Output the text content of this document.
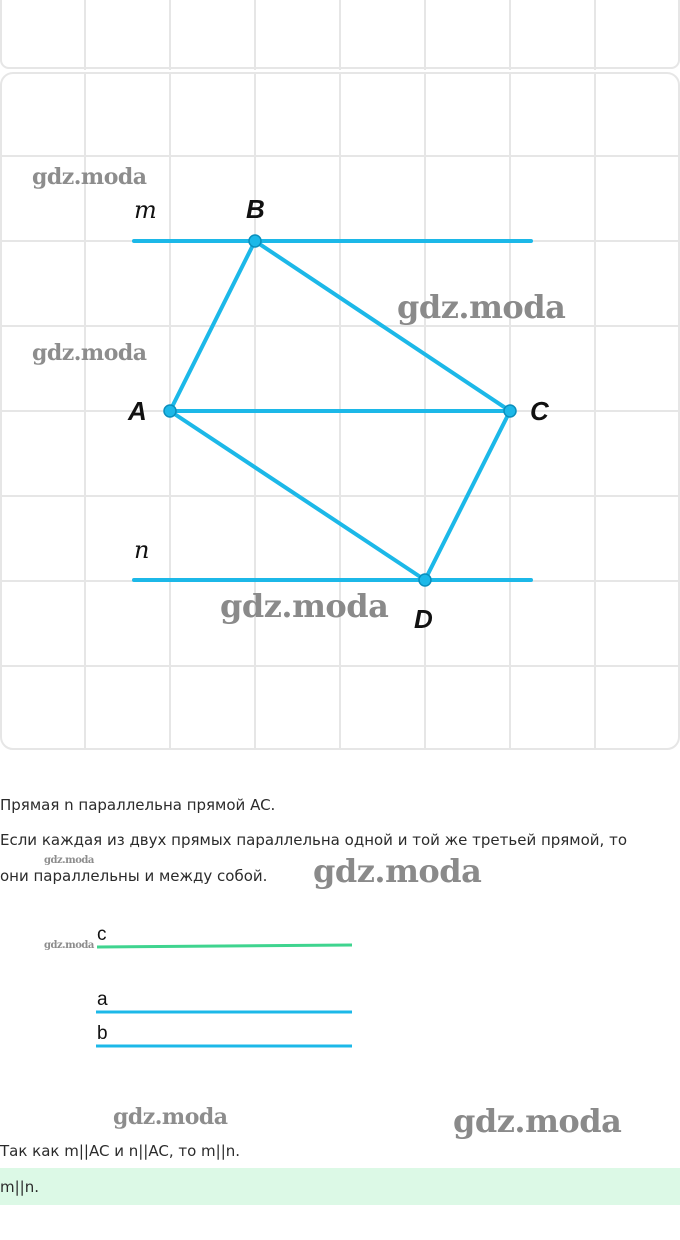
B
A	C
D
m
n
gdz.moda
gdz.moda
gdz.moda
gdz.moda
Прямая n параллельна прямой AC.
Если каждая из двух прямых параллельна одной и той же третьей прямой, то
они параллельны и между собой.
gdz.moda	gdz.moda
c
a
b
gdz.moda
gdz.moda	gdz.moda
Так как m||AC и n||AC, то m||n.
m||n.
